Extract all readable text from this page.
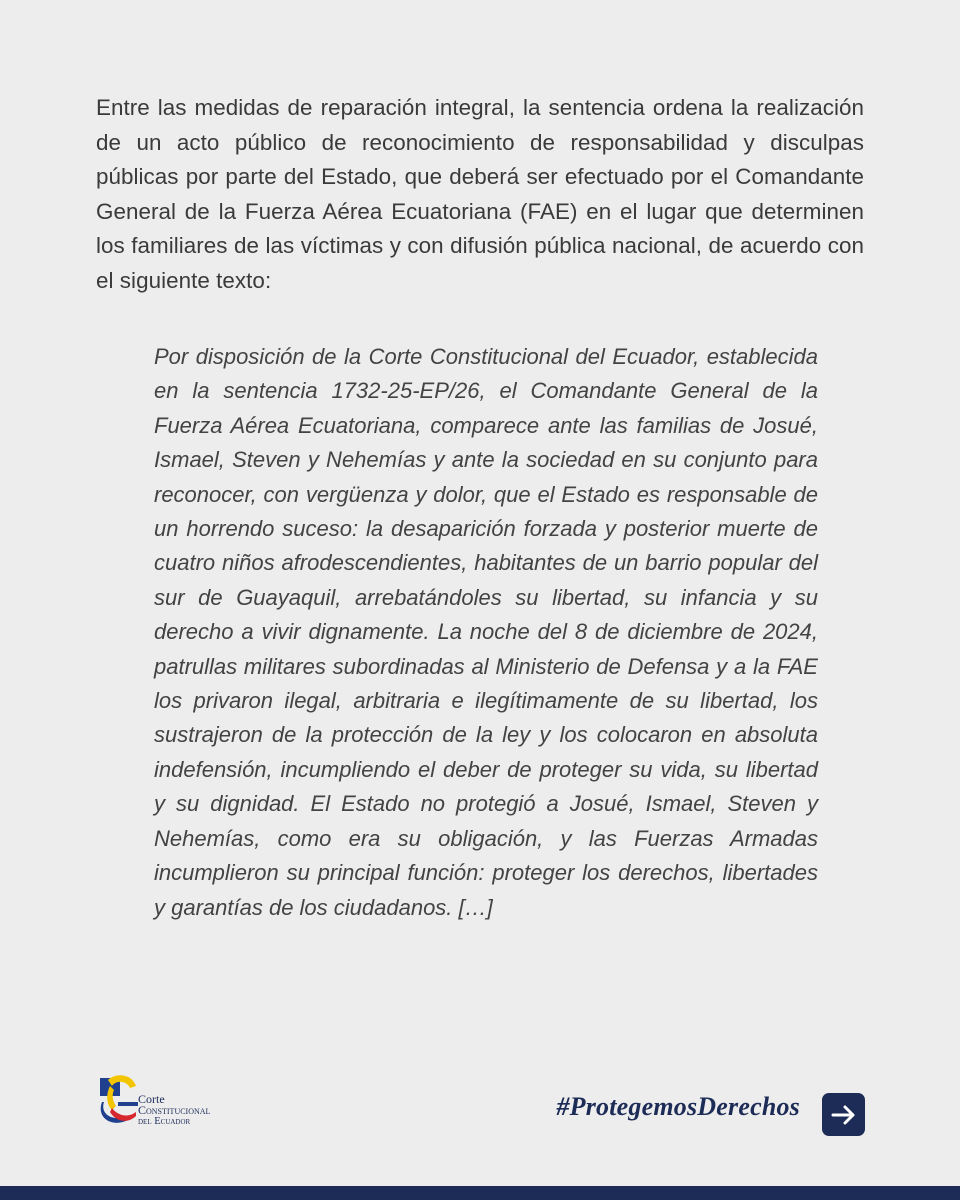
Entre las medidas de reparación integral, la sentencia ordena la realización de un acto público de reconocimiento de responsabilidad y disculpas públicas por parte del Estado, que deberá ser efectuado por el Comandante General de la Fuerza Aérea Ecuatoriana (FAE) en el lugar que determinen los familiares de las víctimas y con difusión pública nacional, de acuerdo con el siguiente texto:

Por disposición de la Corte Constitucional del Ecuador, establecida en la sentencia 1732-25-EP/26, el Comandante General de la Fuerza Aérea Ecuatoriana, comparece ante las familias de Josué, Ismael, Steven y Nehemías y ante la sociedad en su conjunto para reconocer, con vergüenza y dolor, que el Estado es responsable de un horrendo suceso: la desaparición forzada y posterior muerte de cuatro niños afrodescendientes, habitantes de un barrio popular del sur de Guayaquil, arrebatándoles su libertad, su infancia y su derecho a vivir dignamente. La noche del 8 de diciembre de 2024, patrullas militares subordinadas al Ministerio de Defensa y a la FAE los privaron ilegal, arbitraria e ilegítimamente de su libertad, los sustrajeron de la protección de la ley y los colocaron en absoluta indefensión, incumpliendo el deber de proteger su vida, su libertad y su dignidad. El Estado no protegió a Josué, Ismael, Steven y Nehemías, como era su obligación, y las Fuerzas Armadas incumplieron su principal función: proteger los derechos, libertades y garantías de los ciudadanos. […]

Corte
Constitucional
del Ecuador
#ProtegemosDerechos
